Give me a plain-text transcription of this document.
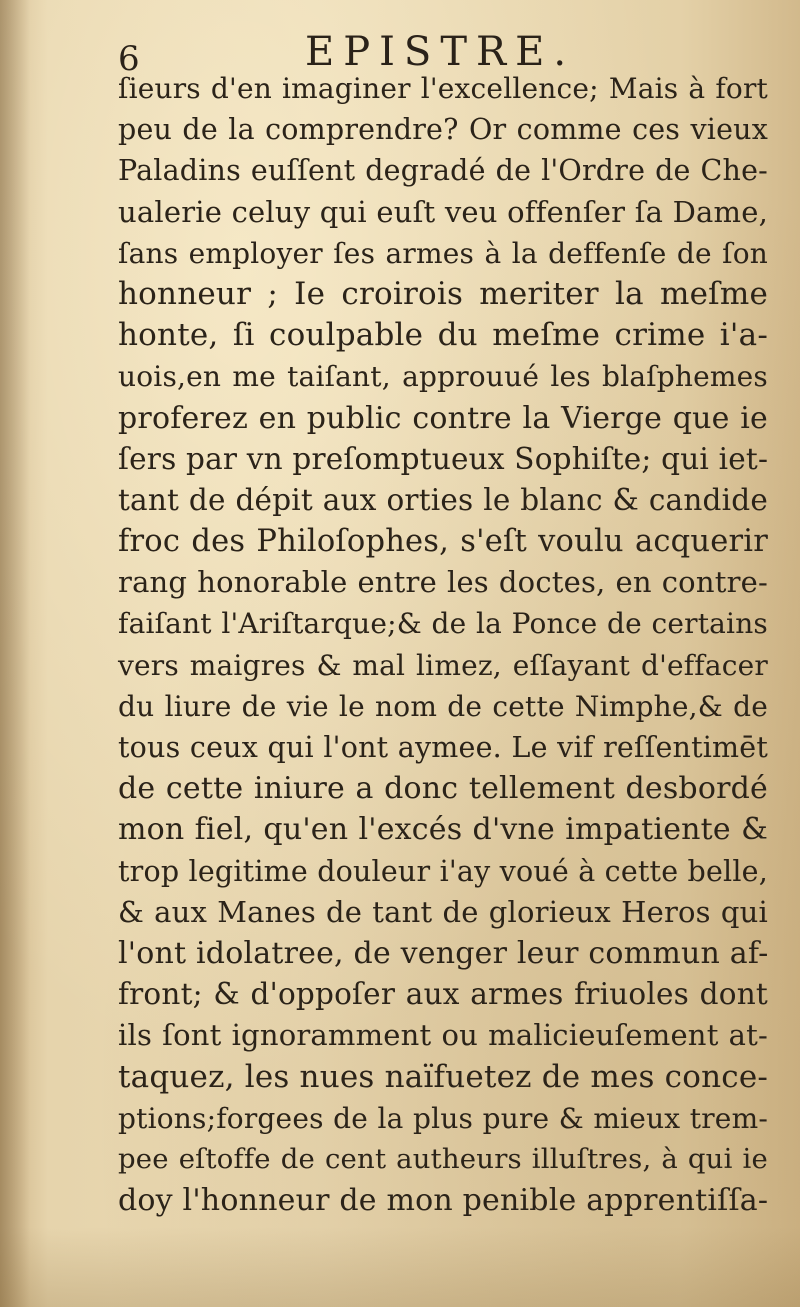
6	EPISTRE.
ſieurs d'en imaginer l'excellence; Mais à fort
peu de la comprendre? Or comme ces vieux
Paladins euſſent degradé de l'Ordre de Che-
ualerie celuy qui euſt veu offenſer ſa Dame,
ſans employer ſes armes à la deffenſe de ſon
honneur ; Ie croirois meriter la meſme
honte, ſi coulpable du meſme crime i'a-
uois,en me taiſant, approuué les blaſphemes
proferez en public contre la Vierge que ie
ſers par vn preſomptueux Sophiſte; qui iet-
tant de dépit aux orties le blanc & candide
froc des Philoſophes, s'eſt voulu acquerir
rang honorable entre les doctes, en contre-
faiſant l'Ariſtarque;& de la Ponce de certains
vers maigres & mal limez, eſſayant d'effacer
du liure de vie le nom de cette Nimphe,& de
tous ceux qui l'ont aymee. Le vif reſſentimēt
de cette iniure a donc tellement desbordé
mon fiel, qu'en l'excés d'vne impatiente &
trop legitime douleur i'ay voué à cette belle,
& aux Manes de tant de glorieux Heros qui
l'ont idolatree, de venger leur commun af-
front; & d'oppoſer aux armes friuoles dont
ils ſont ignoramment ou malicieuſement at-
taquez, les nues naïfuetez de mes conce-
ptions;forgees de la plus pure & mieux trem-
pee eſtoffe de cent autheurs illuſtres, à qui ie
doy l'honneur de mon penible apprentiſſa-
